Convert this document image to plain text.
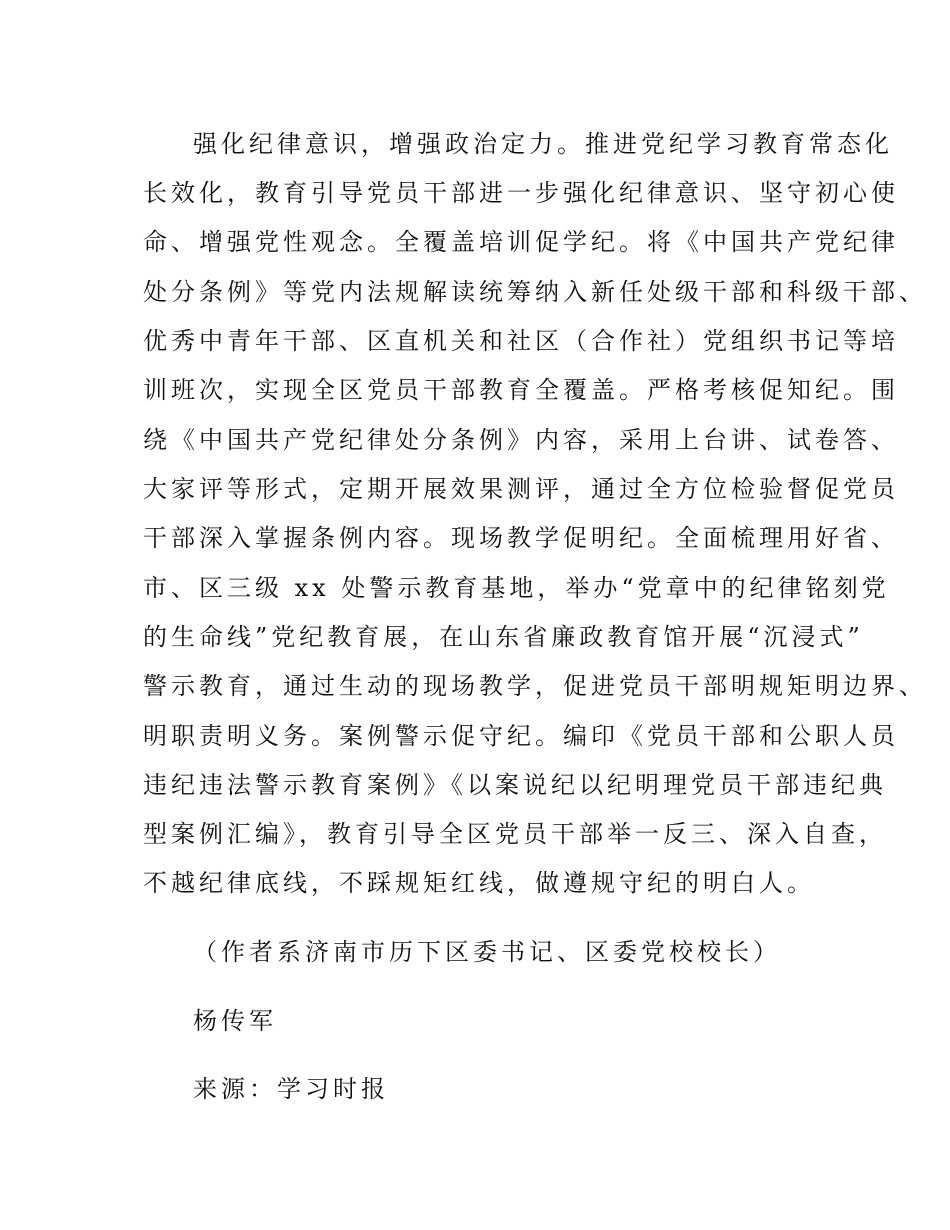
强化纪律意识，增强政治定力。推进党纪学习教育常态化
长效化，教育引导党员干部进一步强化纪律意识、坚守初心使
命、增强党性观念。全覆盖培训促学纪。将《中国共产党纪律
处分条例》等党内法规解读统筹纳入新任处级干部和科级干部、
优秀中青年干部、区直机关和社区（合作社）党组织书记等培
训班次，实现全区党员干部教育全覆盖。严格考核促知纪。围
绕《中国共产党纪律处分条例》内容，采用上台讲、试卷答、
大家评等形式，定期开展效果测评，通过全方位检验督促党员
干部深入掌握条例内容。现场教学促明纪。全面梳理用好省、
市、区三级 xx 处警示教育基地，举办“党章中的纪律铭刻党
的生命线”党纪教育展，在山东省廉政教育馆开展“沉浸式”
警示教育，通过生动的现场教学，促进党员干部明规矩明边界、
明职责明义务。案例警示促守纪。编印《党员干部和公职人员
违纪违法警示教育案例》《以案说纪以纪明理党员干部违纪典
型案例汇编》，教育引导全区党员干部举一反三、深入自查，
不越纪律底线，不踩规矩红线，做遵规守纪的明白人。
（作者系济南市历下区委书记、区委党校校长）
杨传军
来源：学习时报
